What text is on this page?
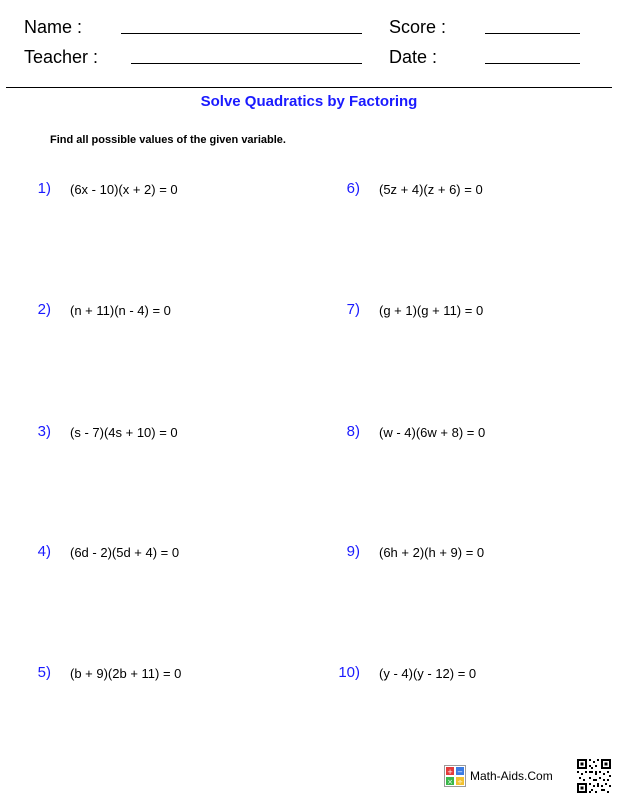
Name :
Teacher :
Score :
Date :
Solve Quadratics by Factoring
Find all possible values of the given variable.
1) (6x - 10)(x + 2) = 0
2) (n + 11)(n - 4) = 0
3) (s - 7)(4s + 10) = 0
4) (6d - 2)(5d + 4) = 0
5) (b + 9)(2b + 11) = 0
6) (5z + 4)(z + 6) = 0
7) (g + 1)(g + 11) = 0
8) (w - 4)(6w + 8) = 0
9) (6h + 2)(h + 9) = 0
10) (y - 4)(y - 12) = 0
+ −
× ÷ Math-Aids.Com
